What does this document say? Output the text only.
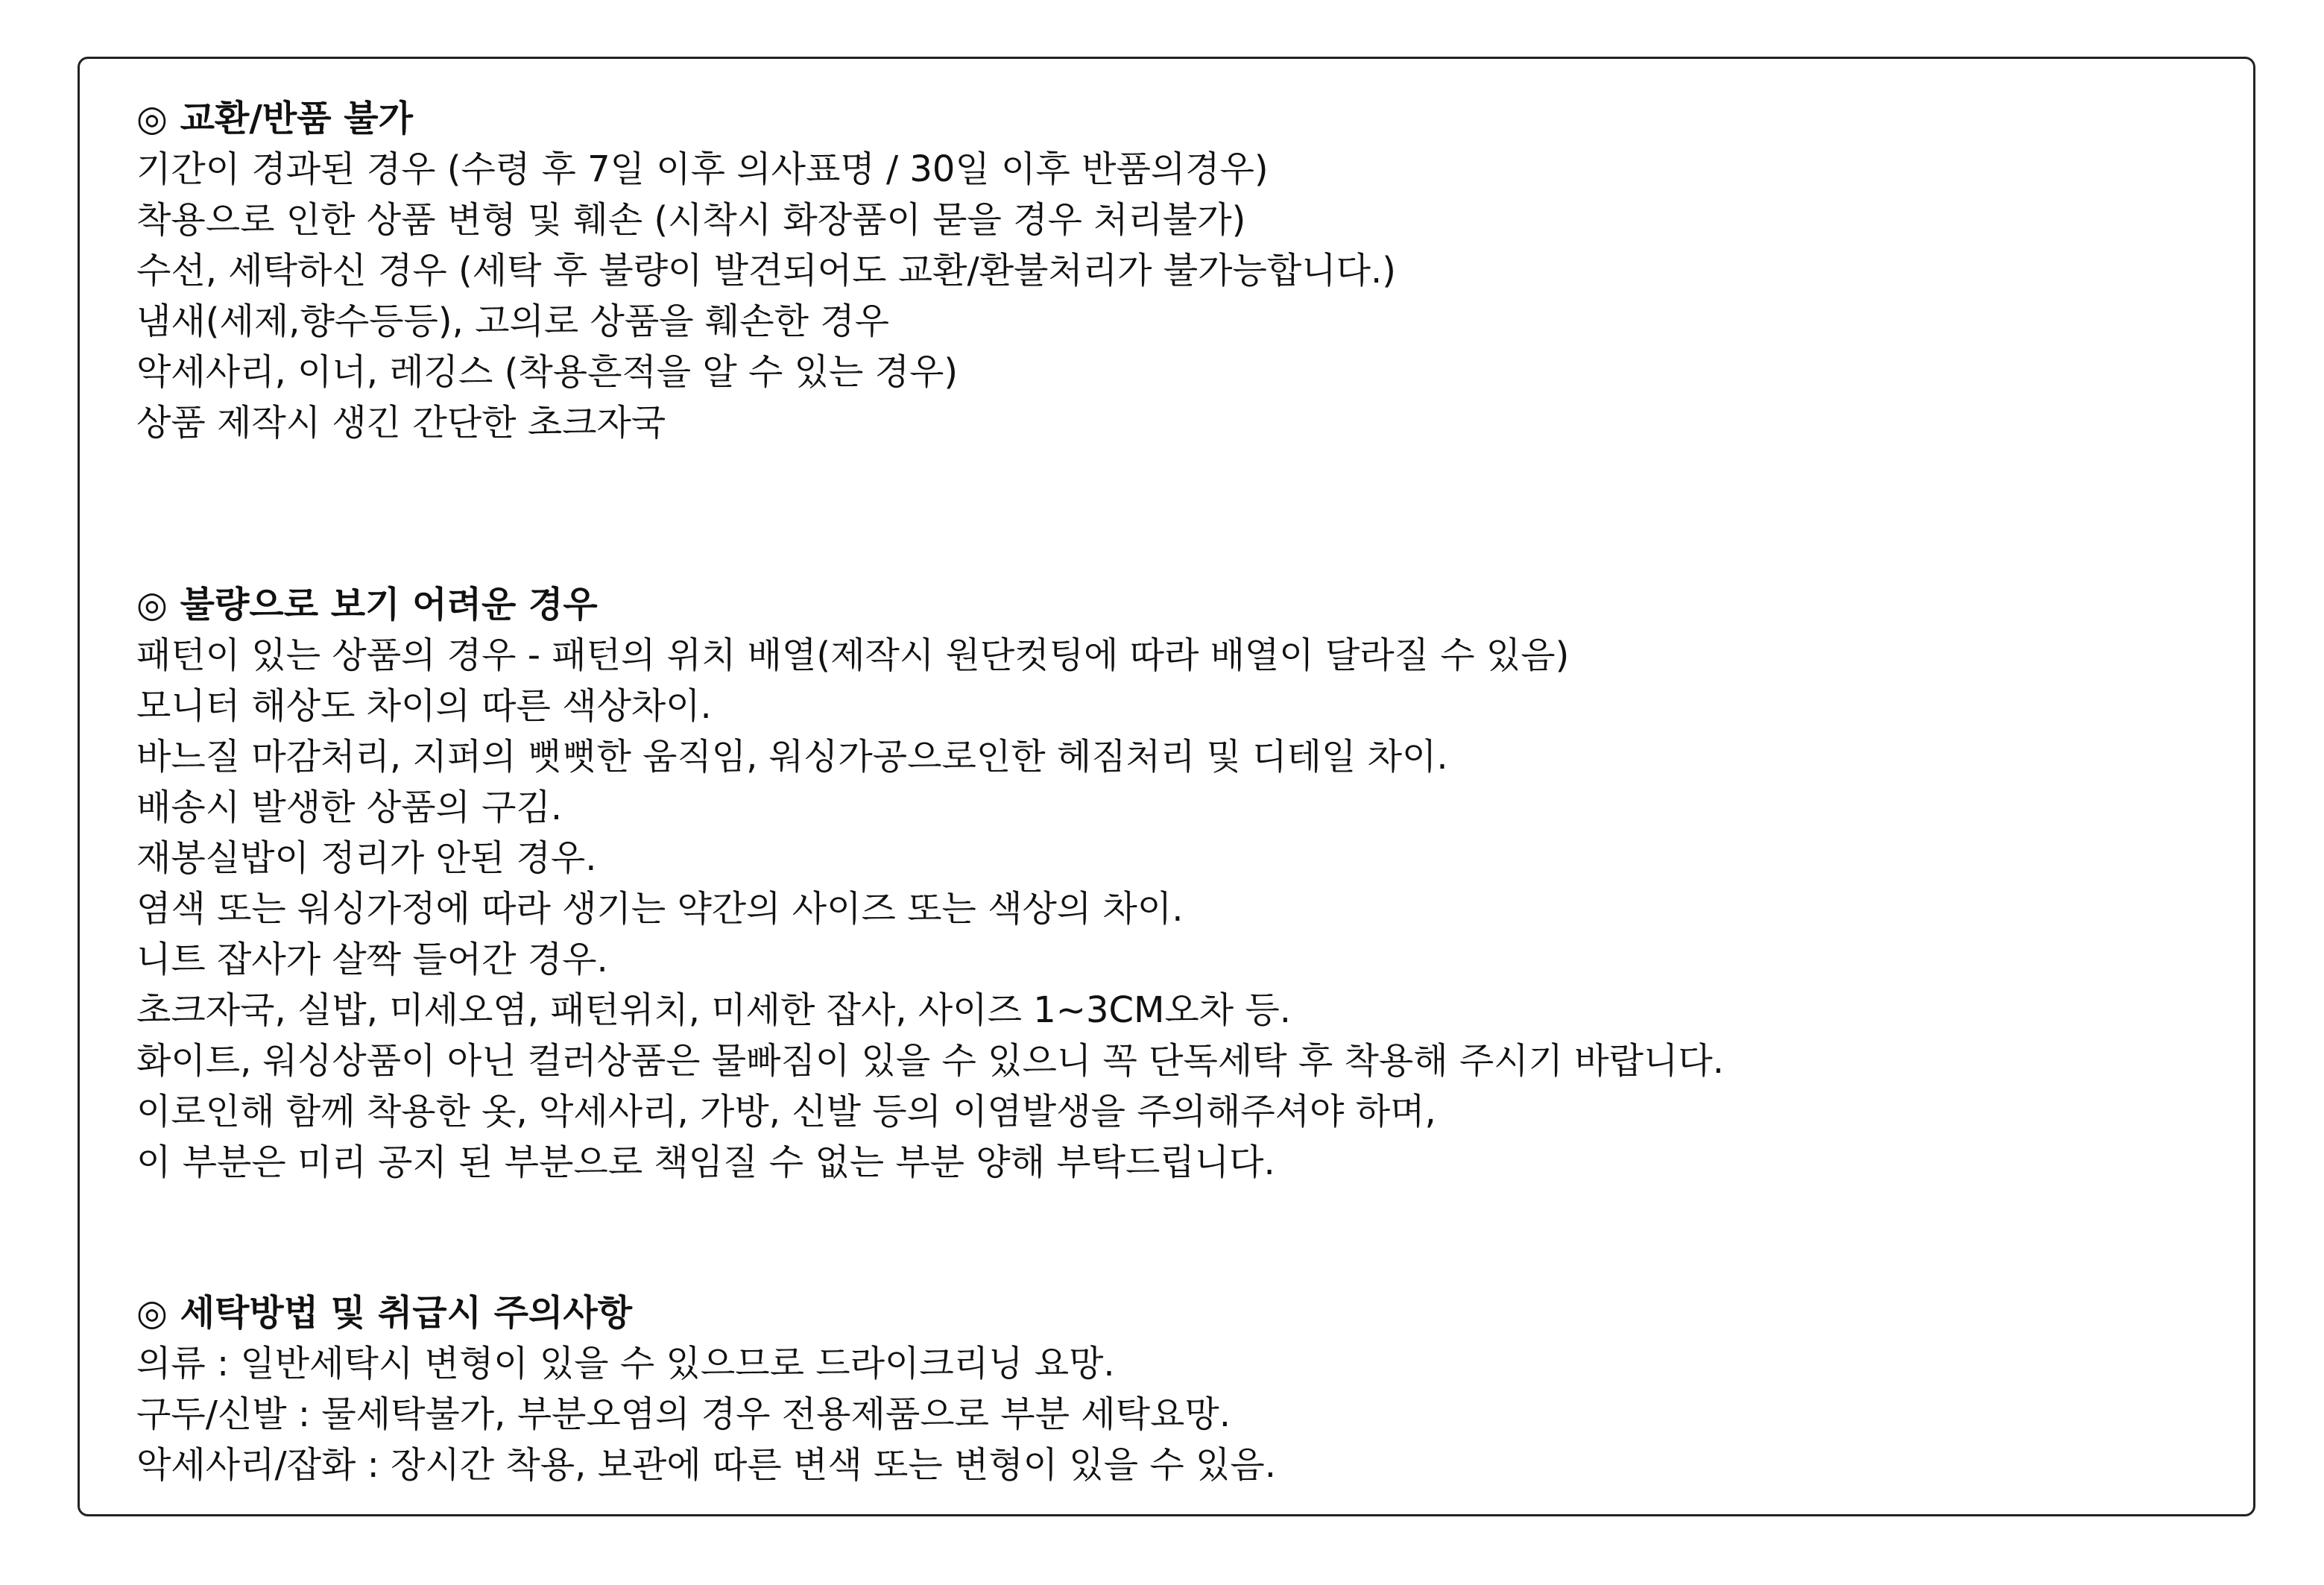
◎ 교환/반품 불가

기간이 경과된 경우 (수령 후 7일 이후 의사표명 / 30일 이후 반품의경우)

착용으로 인한 상품 변형 및 훼손 (시착시 화장품이 묻을 경우 처리불가)

수선, 세탁하신 경우 (세탁 후 불량이 발견되어도 교환/환불처리가 불가능합니다.)

냄새(세제,향수등등), 고의로 상품을 훼손한 경우

악세사리, 이너, 레깅스 (착용흔적을 알 수 있는 경우)

상품 제작시 생긴 간단한 초크자국

◎ 불량으로 보기 어려운 경우

패턴이 있는 상품의 경우 - 패턴의 위치 배열(제작시 원단컷팅에 따라 배열이 달라질 수 있음)

모니터 해상도 차이의 따른 색상차이.

바느질 마감처리, 지퍼의 뻣뻣한 움직임, 워싱가공으로인한 헤짐처리 및 디테일 차이.

배송시 발생한 상품의 구김.

재봉실밥이 정리가 안된 경우.

염색 또는 워싱가정에 따라 생기는 약간의 사이즈 또는 색상의 차이.

니트 잡사가 살짝 들어간 경우.

초크자국, 실밥, 미세오염, 패턴위치, 미세한 잡사, 사이즈 1~3CM오차 등.

화이트, 워싱상품이 아닌 컬러상품은 물빠짐이 있을 수 있으니 꼭 단독세탁 후 착용해 주시기 바랍니다.

이로인해 함께 착용한 옷, 악세사리, 가방, 신발 등의 이염발생을 주의해주셔야 하며,

이 부분은 미리 공지 된 부분으로 책임질 수 없는 부분 양해 부탁드립니다.

◎ 세탁방법 및 취급시 주의사항

의류 : 일반세탁시 변형이 있을 수 있으므로 드라이크리닝 요망.

구두/신발 : 물세탁불가, 부분오염의 경우 전용제품으로 부분 세탁요망.

악세사리/잡화 : 장시간 착용, 보관에 따른 변색 또는 변형이 있을 수 있음.
